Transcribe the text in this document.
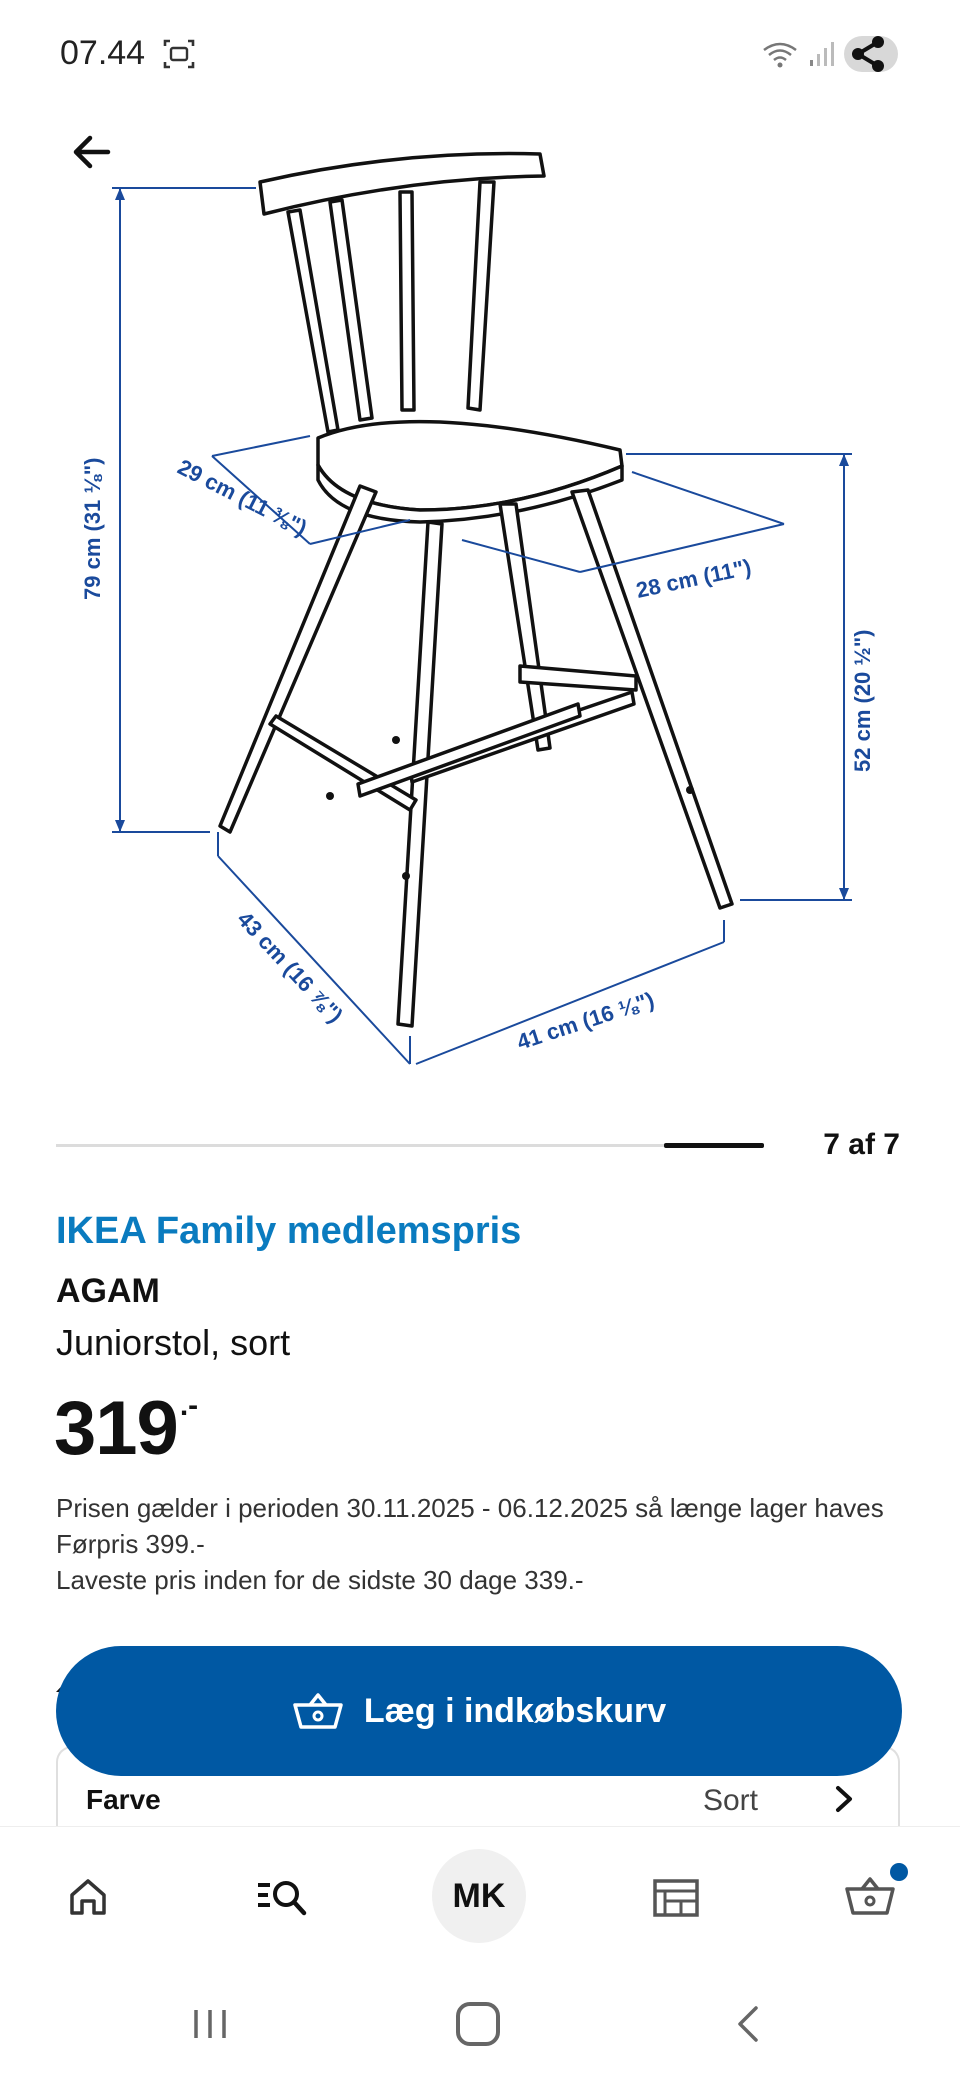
07.44
79 cm (31 ⅛")	29 cm (11 ⅜")
28 cm (11")
52 cm (20 ½")
43 cm (16 ⅞")	41 cm (16 ⅛")
7 af 7
IKEA Family medlemspris
AGAM
Juniorstol, sort
319 .-
Prisen gælder i perioden 30.11.2025 - 06.12.2025 så længe lager haves
Førpris 399.-
Laveste pris inden for de sidste 30 dage 339.-
Farve	Sort
Læg i indkøbskurv
MK
